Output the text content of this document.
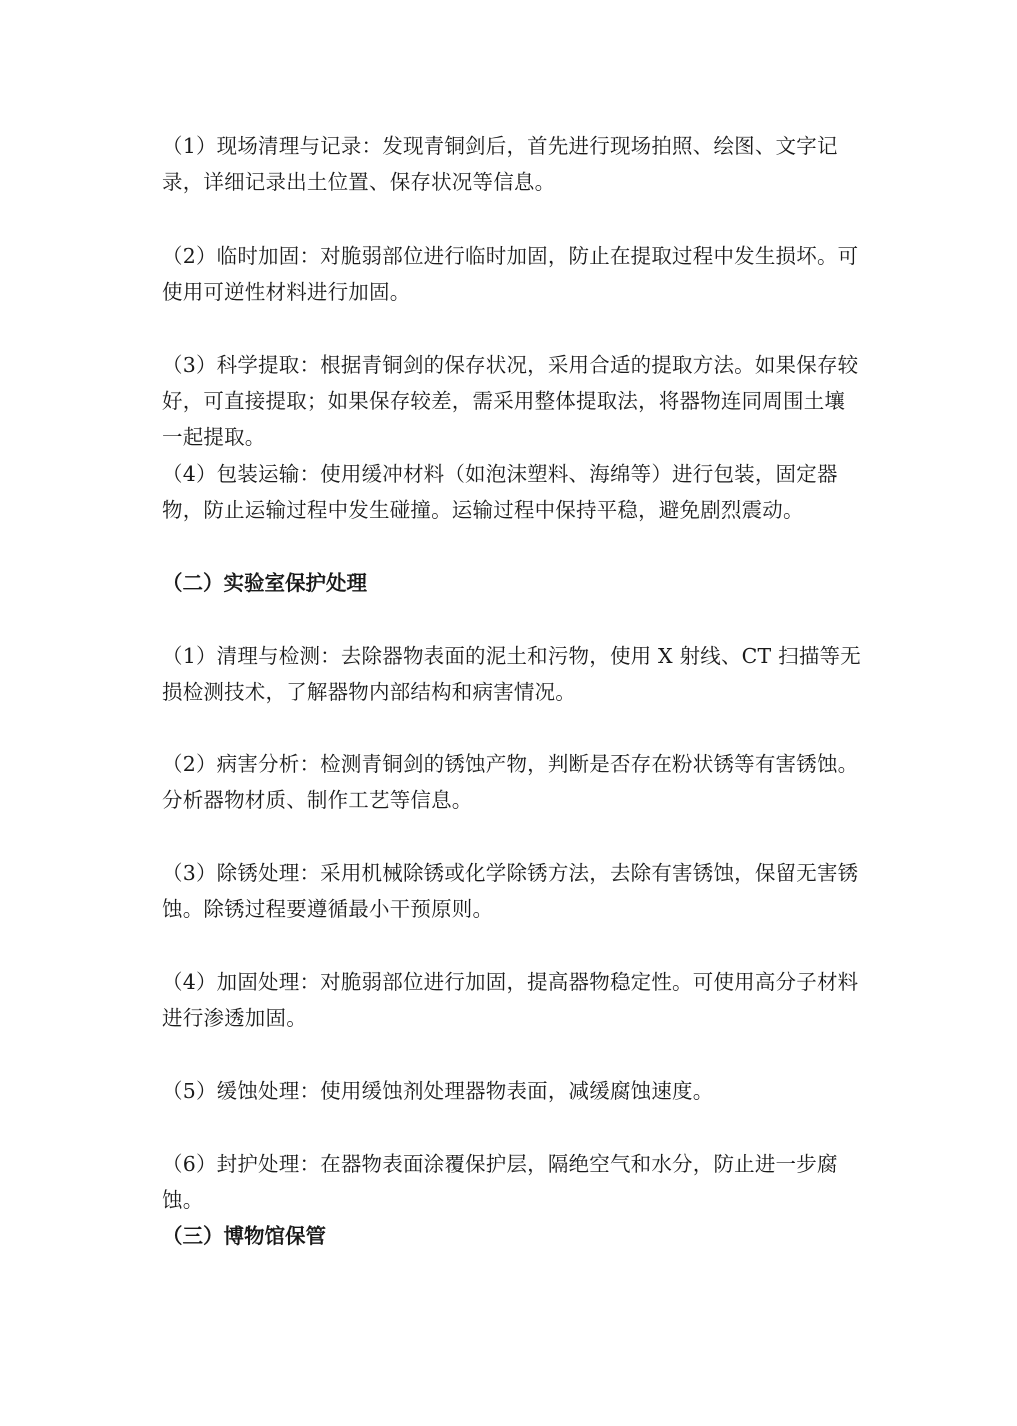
（1）现场清理与记录：发现青铜剑后，首先进行现场拍照、绘图、文字记录，详细记录出土位置、保存状况等信息。

（2）临时加固：对脆弱部位进行临时加固，防止在提取过程中发生损坏。可使用可逆性材料进行加固。

（3）科学提取：根据青铜剑的保存状况，采用合适的提取方法。如果保存较好，可直接提取；如果保存较差，需采用整体提取法，将器物连同周围土壤一起提取。

（4）包装运输：使用缓冲材料（如泡沫塑料、海绵等）进行包装，固定器物，防止运输过程中发生碰撞。运输过程中保持平稳，避免剧烈震动。

（二）实验室保护处理

（1）清理与检测：去除器物表面的泥土和污物，使用 X 射线、CT 扫描等无损检测技术，了解器物内部结构和病害情况。

（2）病害分析：检测青铜剑的锈蚀产物，判断是否存在粉状锈等有害锈蚀。分析器物材质、制作工艺等信息。

（3）除锈处理：采用机械除锈或化学除锈方法，去除有害锈蚀，保留无害锈蚀。除锈过程要遵循最小干预原则。

（4）加固处理：对脆弱部位进行加固，提高器物稳定性。可使用高分子材料进行渗透加固。

（5）缓蚀处理：使用缓蚀剂处理器物表面，减缓腐蚀速度。

（6）封护处理：在器物表面涂覆保护层，隔绝空气和水分，防止进一步腐蚀。

（三）博物馆保管
